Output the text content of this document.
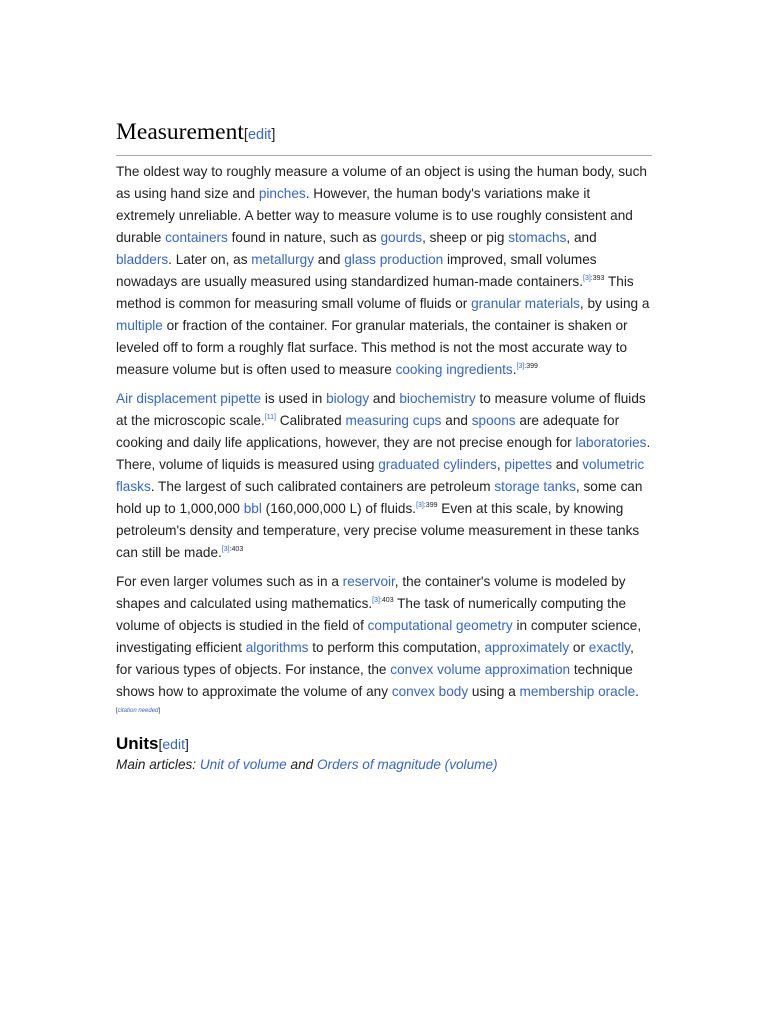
Measurement[edit]

The oldest way to roughly measure a volume of an object is using the human body, such as using hand size and pinches. However, the human body's variations make it extremely unreliable. A better way to measure volume is to use roughly consistent and durable containers found in nature, such as gourds, sheep or pig stomachs, and bladders. Later on, as metallurgy and glass production improved, small volumes nowadays are usually measured using standardized human-made containers.$^{[3]:393}$ This method is common for measuring small volume of fluids or granular materials, by using a multiple or fraction of the container. For granular materials, the container is shaken or leveled off to form a roughly flat surface. This method is not the most accurate way to measure volume but is often used to measure cooking ingredients.$^{[3]:399}$

Air displacement pipette is used in biology and biochemistry to measure volume of fluids at the microscopic scale.[11] Calibrated measuring cups and spoons are adequate for cooking and daily life applications, however, they are not precise enough for laboratories. There, volume of liquids is measured using graduated cylinders, pipettes and volumetric flasks. The largest of such calibrated containers are petroleum storage tanks, some can hold up to 1,000,000 bbl (160,000,000 L) of fluids.$^{[3]:399}$ Even at this scale, by knowing petroleum's density and temperature, very precise volume measurement in these tanks can still be made.$^{[3]:403}$

For even larger volumes such as in a reservoir, the container's volume is modeled by shapes and calculated using mathematics.$^{[3]:403}$ The task of numerically computing the volume of objects is studied in the field of computational geometry in computer science, investigating efficient algorithms to perform this computation, approximately or exactly, for various types of objects. For instance, the convex volume approximation technique shows how to approximate the volume of any convex body using a membership oracle.

[citation needed]
Units[edit]
Main articles: Unit of volume and Orders of magnitude (volume)
